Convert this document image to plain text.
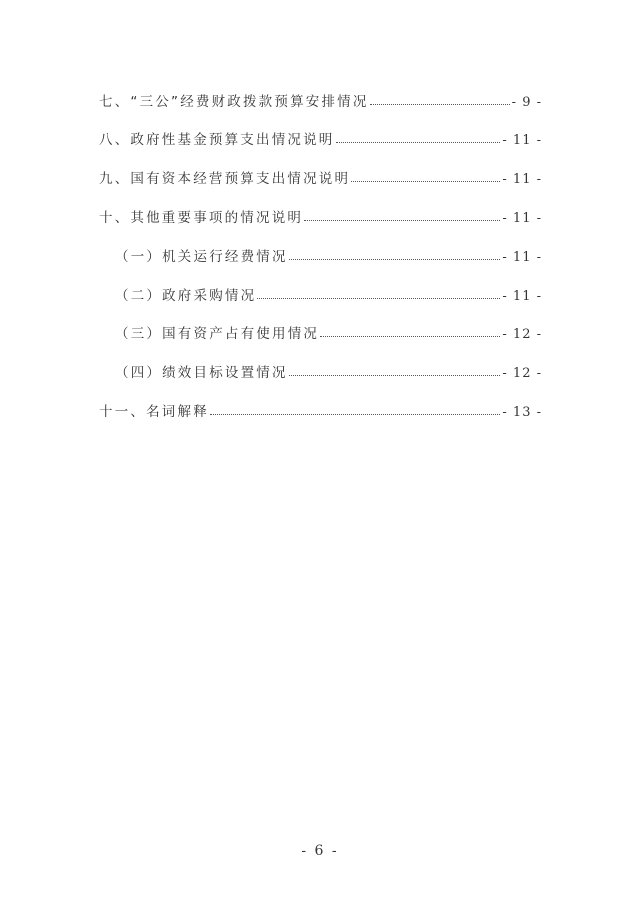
七、“三公”经费财政拨款预算安排情况	- 9 -
八、政府性基金预算支出情况说明	- 11 -
九、国有资本经营预算支出情况说明	- 11 -
十、其他重要事项的情况说明	- 11 -
（一）机关运行经费情况	- 11 -
（二）政府采购情况	- 11 -
（三）国有资产占有使用情况	- 12 -
（四）绩效目标设置情况	- 12 -
十一、名词解释	- 13 -
- 6 -
